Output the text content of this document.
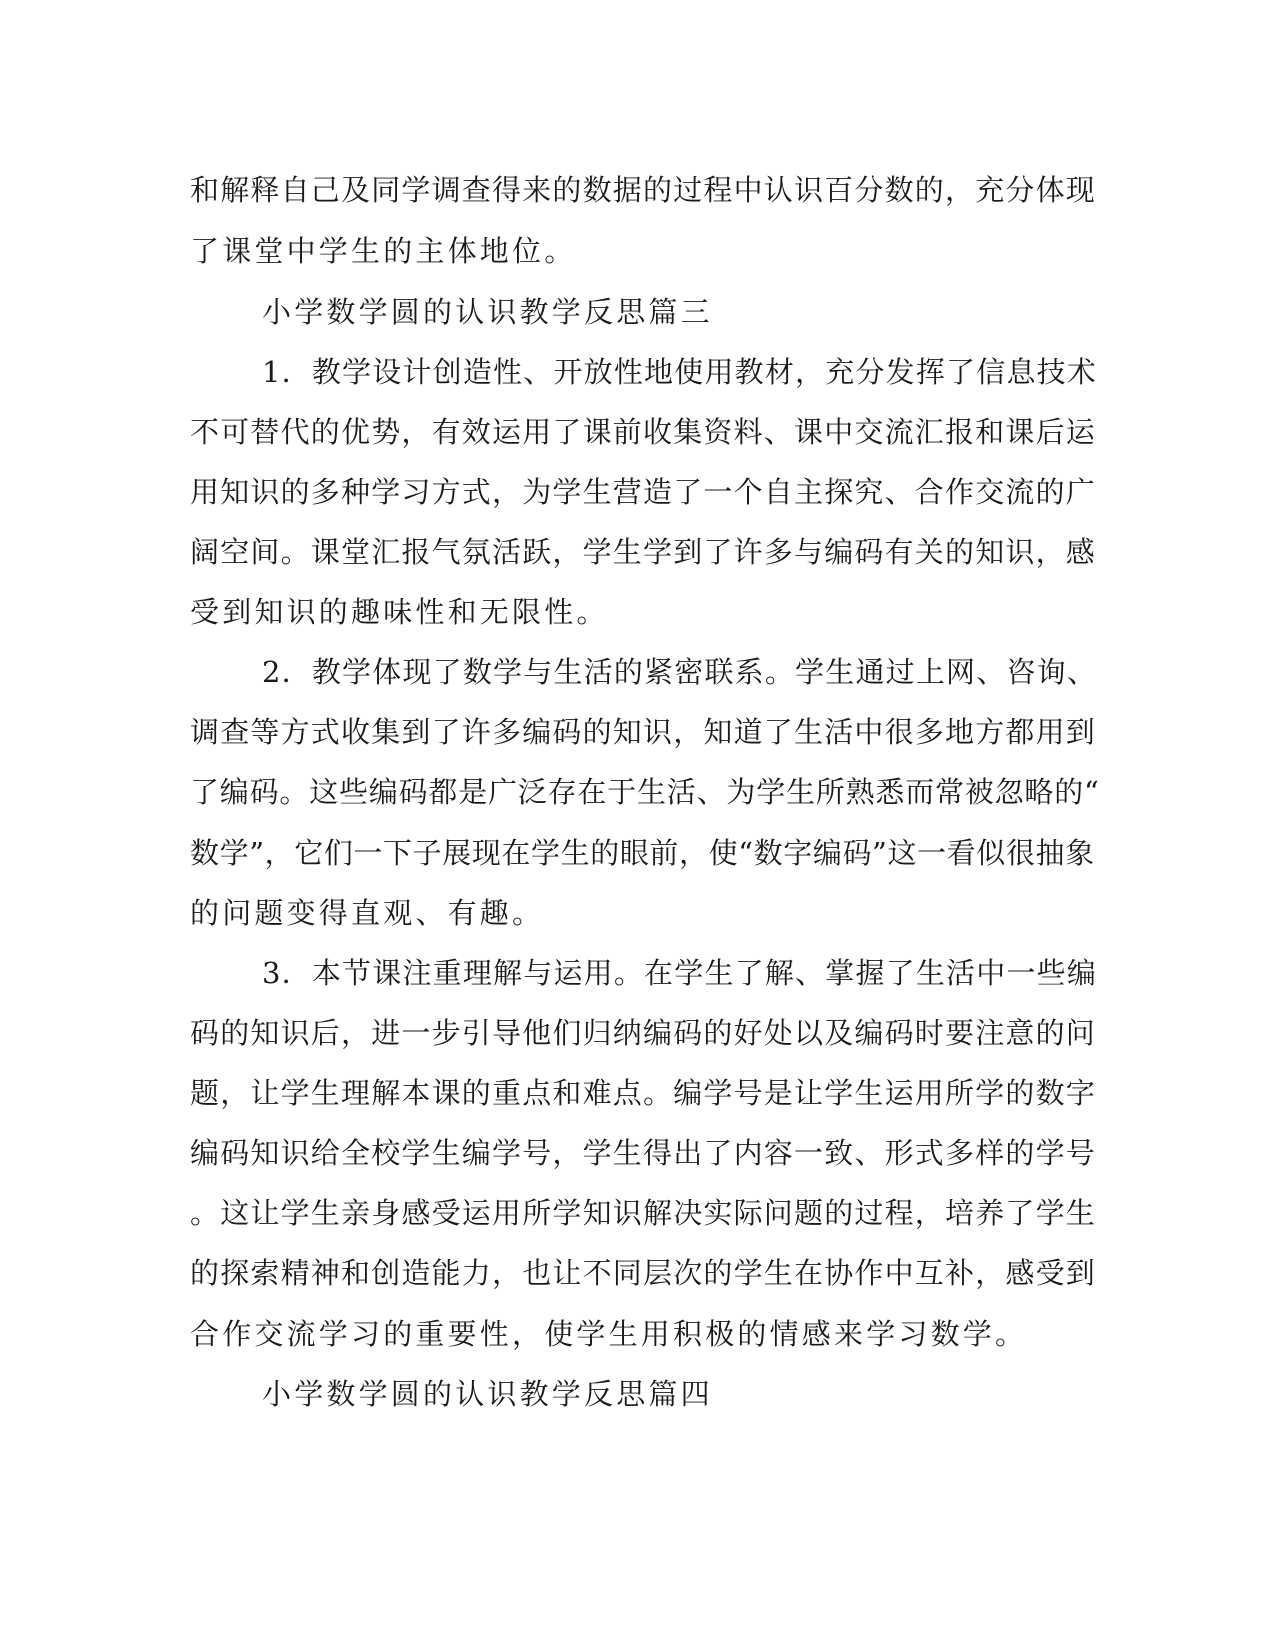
和解释自己及同学调查得来的数据的过程中认识百分数的，充分体现
了课堂中学生的主体地位。
小学数学圆的认识教学反思篇三
1．教学设计创造性、开放性地使用教材，充分发挥了信息技术
不可替代的优势，有效运用了课前收集资料、课中交流汇报和课后运
用知识的多种学习方式，为学生营造了一个自主探究、合作交流的广
阔空间。课堂汇报气氛活跃，学生学到了许多与编码有关的知识，感
受到知识的趣味性和无限性。
2．教学体现了数学与生活的紧密联系。学生通过上网、咨询、
调查等方式收集到了许多编码的知识，知道了生活中很多地方都用到
了编码。这些编码都是广泛存在于生活、为学生所熟悉而常被忽略的“
数学”，它们一下子展现在学生的眼前，使“数字编码”这一看似很抽象
的问题变得直观、有趣。
3．本节课注重理解与运用。在学生了解、掌握了生活中一些编
码的知识后，进一步引导他们归纳编码的好处以及编码时要注意的问
题，让学生理解本课的重点和难点。编学号是让学生运用所学的数字
编码知识给全校学生编学号，学生得出了内容一致、形式多样的学号
。这让学生亲身感受运用所学知识解决实际问题的过程，培养了学生
的探索精神和创造能力，也让不同层次的学生在协作中互补，感受到
合作交流学习的重要性，使学生用积极的情感来学习数学。
小学数学圆的认识教学反思篇四
